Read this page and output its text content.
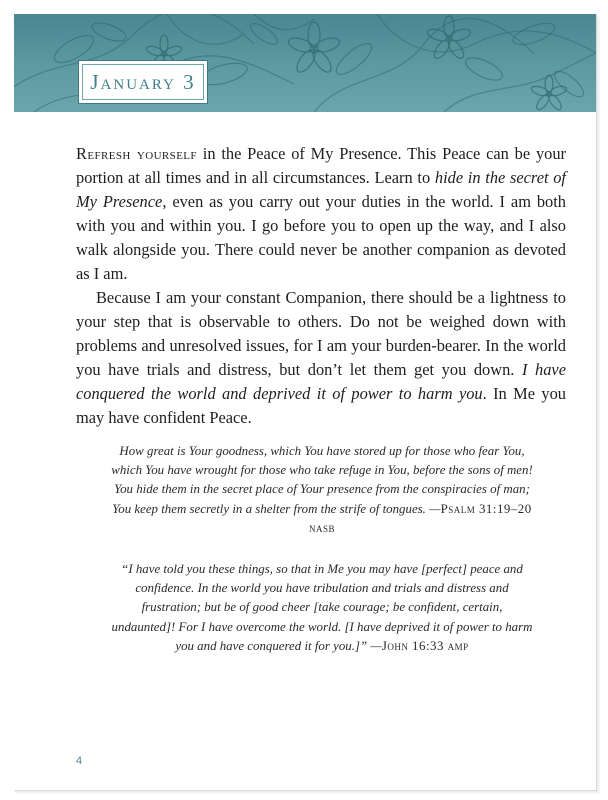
January 3

Refresh yourself in the Peace of My Presence. This Peace can be your portion at all times and in all circumstances. Learn to hide in the secret of My Presence, even as you carry out your duties in the world. I am both with you and within you. I go before you to open up the way, and I also walk alongside you. There could never be another companion as devoted as I am.

Because I am your constant Companion, there should be a lightness to your step that is observable to others. Do not be weighed down with problems and unresolved issues, for I am your burden-bearer. In the world you have trials and distress, but don’t let them get you down. I have conquered the world and deprived it of power to harm you. In Me you may have confident Peace.

How great is Your goodness, which You have stored up for those who fear You, which You have wrought for those who take refuge in You, before the sons of men! You hide them in the secret place of Your presence from the conspiracies of man; You keep them secretly in a shelter from the strife of tongues. —Psalm 31:19–20 nasb
“I have told you these things, so that in Me you may have [perfect] peace and confidence. In the world you have tribulation and trials and distress and frustration; but be of good cheer [take courage; be confident, certain, undaunted]! For I have overcome the world. [I have deprived it of power to harm you and have conquered it for you.]” —John 16:33 amp
4
